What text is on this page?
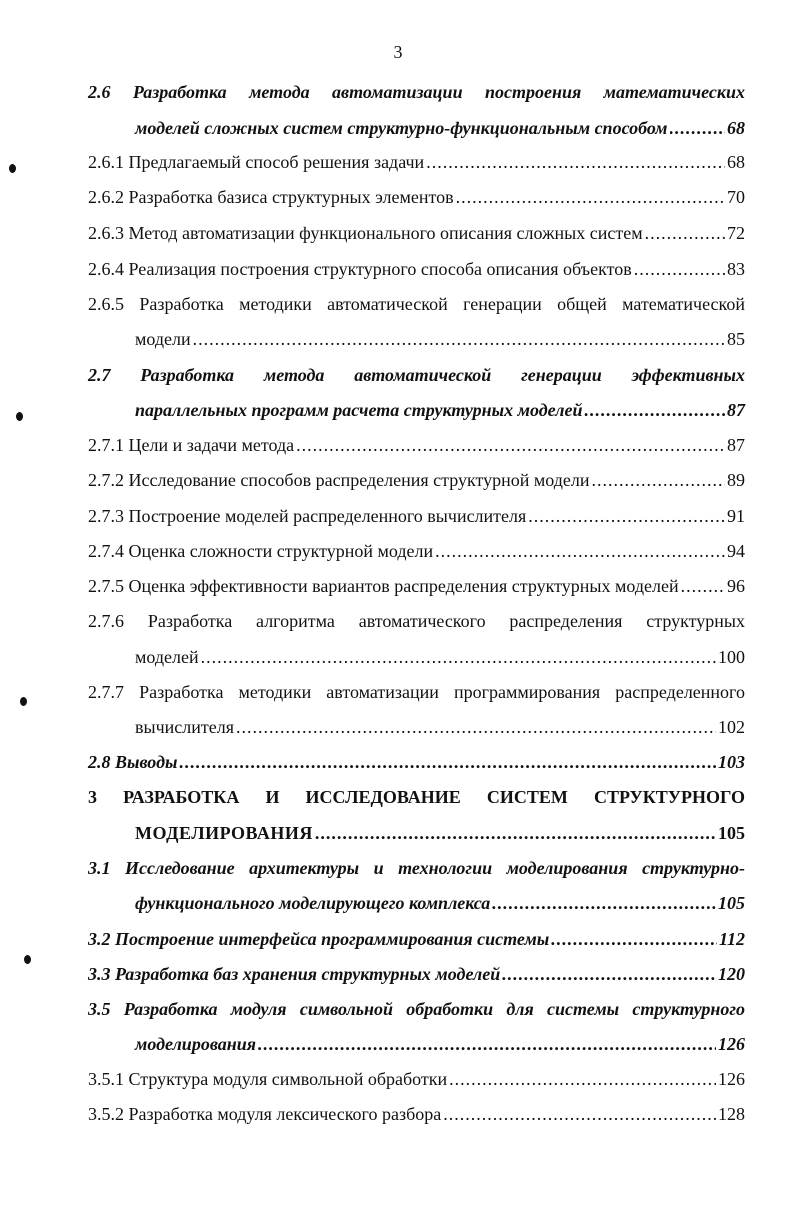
3
2.6 Разработка метода автоматизации построения математических
моделей сложных систем структурно-функциональным способом .....	68
2.6.1 Предлагаемый способ решения задачи .....	68
2.6.2 Разработка базиса структурных элементов .....	70
2.6.3 Метод автоматизации функционального описания сложных систем .....	72
2.6.4 Реализация построения структурного способа описания объектов .....	83
2.6.5 Разработка методики автоматической генерации общей математической
модели .....	85
2.7 Разработка метода автоматической генерации эффективных
параллельных программ расчета структурных моделей .....	87
2.7.1 Цели и задачи метода .....	87
2.7.2 Исследование способов распределения структурной модели .....	89
2.7.3 Построение моделей распределенного вычислителя .....	91
2.7.4 Оценка сложности структурной модели .....	94
2.7.5 Оценка эффективности вариантов распределения структурных моделей .....	96
2.7.6 Разработка алгоритма автоматического распределения структурных
моделей .....	100
2.7.7 Разработка методики автоматизации программирования распределенного
вычислителя .....	102
2.8 Выводы .....	103
3 РАЗРАБОТКА И ИССЛЕДОВАНИЕ СИСТЕМ СТРУКТУРНОГО
МОДЕЛИРОВАНИЯ .....	105
3.1 Исследование архитектуры и технологии моделирования структурно-
функционального моделирующего комплекса .....	105
3.2 Построение интерфейса программирования системы .....	112
3.3 Разработка баз хранения структурных моделей .....	120
3.5 Разработка модуля символьной обработки для системы структурного
моделирования .....	126
3.5.1 Структура модуля символьной обработки .....	126
3.5.2 Разработка модуля лексического разбора .....	128
